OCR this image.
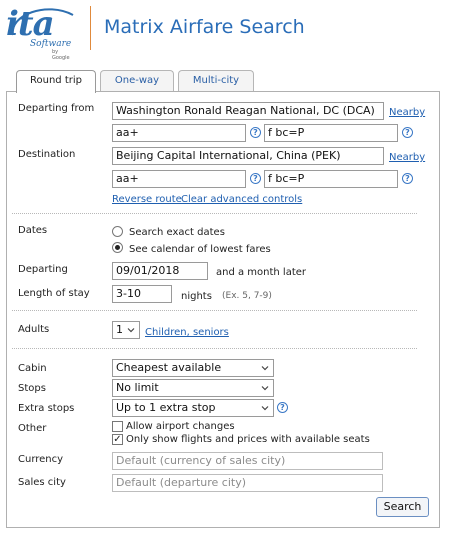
ita
Software
by Google
Matrix Airfare Search
Round trip	One-way	Multi-city
Departing from	Washington Ronald Reagan National, DC (DCA)	Nearby
aa+	? f bc=P	?
Destination	Beijing Capital International, China (PEK)	Nearby
aa+	? f bc=P	?
Reverse route Clear advanced controls
Dates	Search exact dates
See calendar of lowest fares
Departing	09/01/2018	and a month later
Length of stay	3-10	nights (Ex. 5, 7-9)
Adults	1	Children, seniors
Cabin	Cheapest available
Stops	No limit
Extra stops	Up to 1 extra stop	?
Other	Allow airport changes
✓ Only show flights and prices with available seats
Currency	Default (currency of sales city)
Sales city	Default (departure city)
Search
